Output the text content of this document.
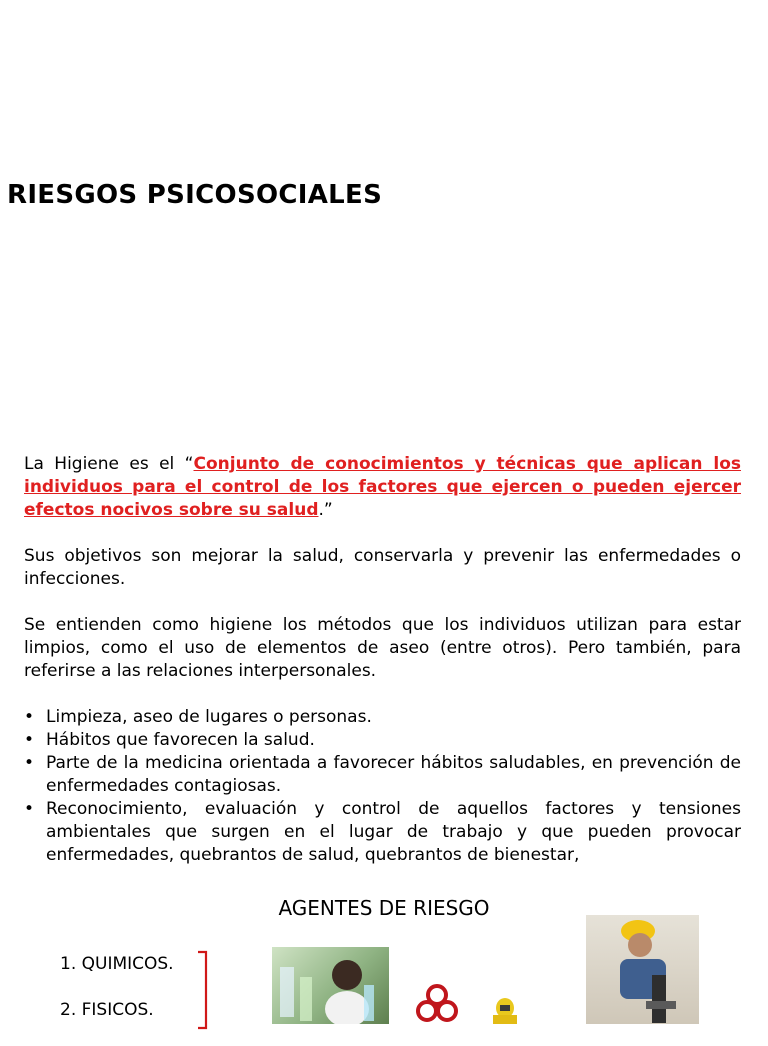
RIESGOS PSICOSOCIALES

La Higiene es el “Conjunto de conocimientos y técnicas que aplican los individuos para el control de los factores que ejercen o pueden ejercer efectos nocivos sobre su salud.”

Sus objetivos son mejorar la salud, conservarla y prevenir las enfermedades o infecciones.

Se entienden como higiene los métodos que los individuos utilizan para estar limpios, como el uso de elementos de aseo (entre otros). Pero también, para referirse a las relaciones interpersonales.

• Limpieza, aseo de lugares o personas.
• Hábitos que favorecen la salud.
• Parte de la medicina orientada a favorecer hábitos saludables, en prevención de enfermedades contagiosas.
• Reconocimiento, evaluación y control de aquellos factores y tensiones ambientales que surgen en el lugar de trabajo y que pueden provocar enfermedades, quebrantos de salud, quebrantos de bienestar,
AGENTES DE RIESGO
1. QUIMICOS.
2. FISICOS.
